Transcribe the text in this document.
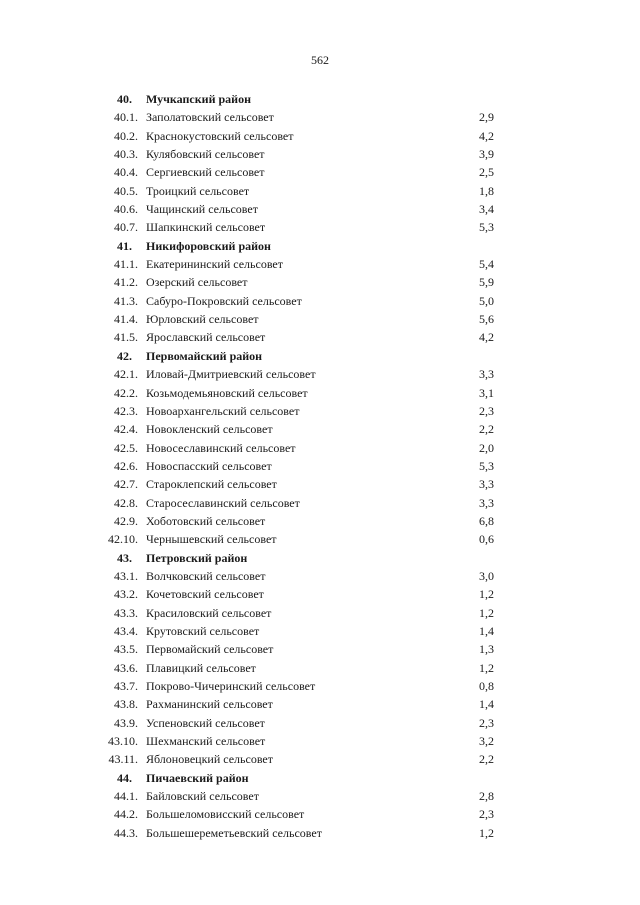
562
40. Мучкапский район
40.1. Заполатовский сельсовет	2,9
40.2. Краснокустовский сельсовет	4,2
40.3. Кулябовский сельсовет	3,9
40.4. Сергиевский сельсовет	2,5
40.5. Троицкий сельсовет	1,8
40.6. Чащинский сельсовет	3,4
40.7. Шапкинский сельсовет	5,3
41. Никифоровский район
41.1. Екатерининский сельсовет	5,4
41.2. Озерский сельсовет	5,9
41.3. Сабуро-Покровский сельсовет	5,0
41.4. Юрловский сельсовет	5,6
41.5. Ярославский сельсовет	4,2
42. Первомайский район
42.1. Иловай-Дмитриевский сельсовет	3,3
42.2. Козьмодемьяновский сельсовет	3,1
42.3. Новоархангельский сельсовет	2,3
42.4. Новокленский сельсовет	2,2
42.5. Новосеславинский сельсовет	2,0
42.6. Новоспасский сельсовет	5,3
42.7. Староклепский сельсовет	3,3
42.8. Старосеславинский сельсовет	3,3
42.9. Хоботовский сельсовет	6,8
42.10. Чернышевский сельсовет	0,6
43. Петровский район
43.1. Волчковский сельсовет	3,0
43.2. Кочетовский сельсовет	1,2
43.3. Красиловский сельсовет	1,2
43.4. Крутовский сельсовет	1,4
43.5. Первомайский сельсовет	1,3
43.6. Плавицкий сельсовет	1,2
43.7. Покрово-Чичеринский сельсовет	0,8
43.8. Рахманинский сельсовет	1,4
43.9. Успеновский сельсовет	2,3
43.10. Шехманский сельсовет	3,2
43.11. Яблоновецкий сельсовет	2,2
44. Пичаевский район
44.1. Байловский сельсовет	2,8
44.2. Большеломовисский сельсовет	2,3
44.3. Большешереметьевский сельсовет	1,2
